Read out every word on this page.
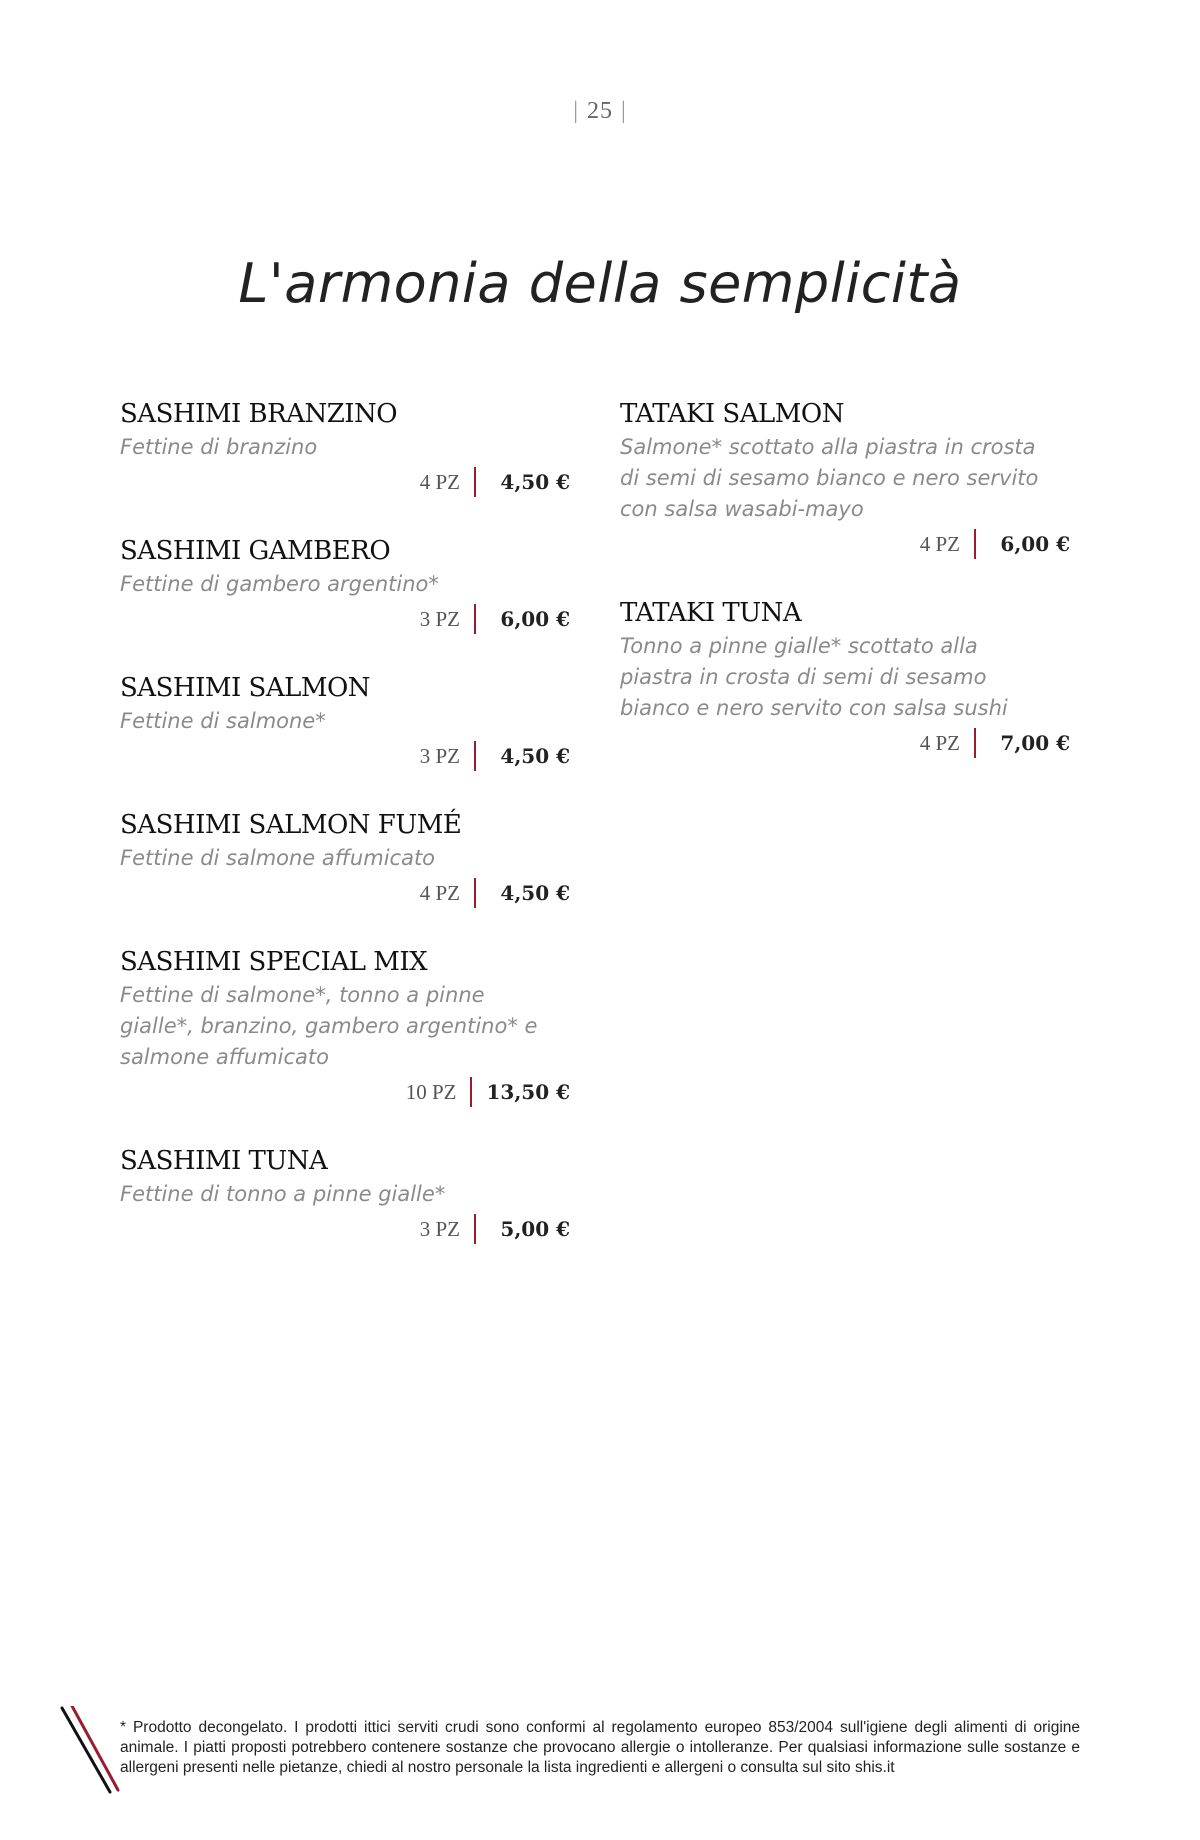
| 25 |
L'armonia della semplicità
SASHIMI BRANZINO
Fettine di branzino
4 PZ	4,50 €
SASHIMI GAMBERO
Fettine di gambero argentino*
3 PZ	6,00 €
SASHIMI SALMON
Fettine di salmone*
3 PZ	4,50 €
SASHIMI SALMON FUMÉ
Fettine di salmone affumicato
4 PZ	4,50 €
SASHIMI SPECIAL MIX
Fettine di salmone*, tonno a pinne gialle*, branzino, gambero argentino* e salmone affumicato
10 PZ 13,50 €
SASHIMI TUNA
Fettine di tonno a pinne gialle*
3 PZ	5,00 €
TATAKI SALMON
Salmone* scottato alla piastra in crosta di semi di sesamo bianco e nero servito con salsa wasabi-mayo
4 PZ	6,00 €
TATAKI TUNA
Tonno a pinne gialle* scottato alla piastra in crosta di semi di sesamo bianco e nero servito con salsa sushi
4 PZ	7,00 €
* Prodotto decongelato. I prodotti ittici serviti crudi sono conformi al regolamento europeo 853/2004 sull'igiene degli alimenti di origine animale. I piatti proposti potrebbero contenere sostanze che provocano allergie o intolleranze. Per qualsiasi informazione sulle sostanze e allergeni presenti nelle pietanze, chiedi al nostro personale la lista ingredienti e allergeni o consulta sul sito shis.it
